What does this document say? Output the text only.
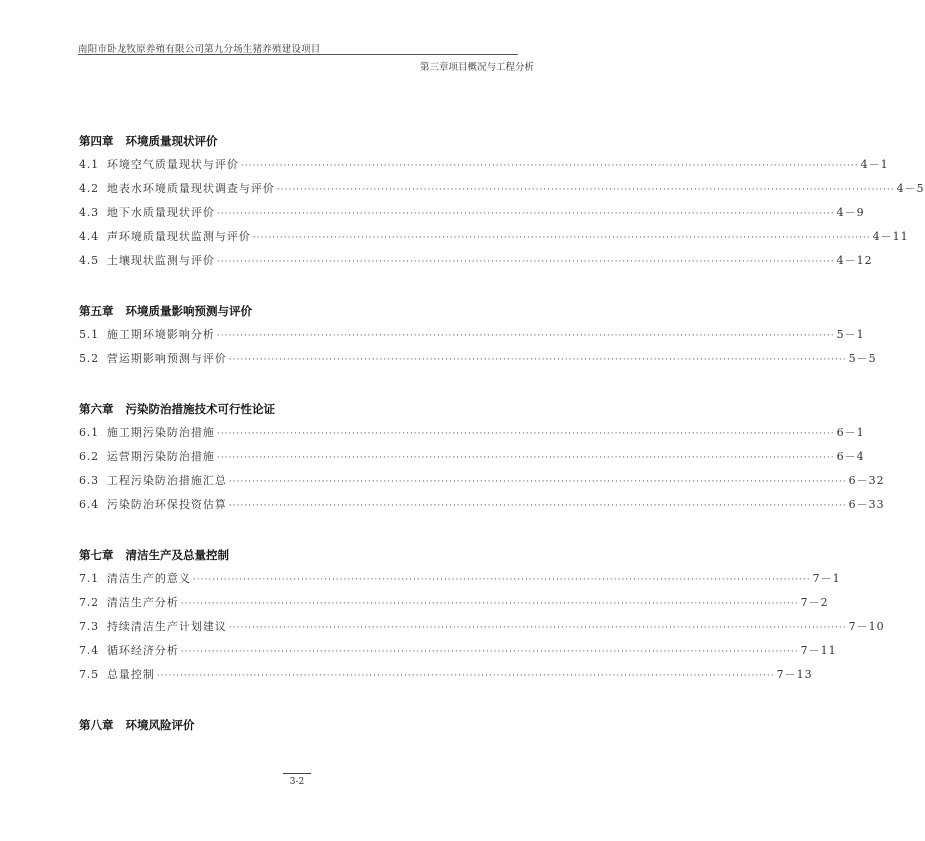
南阳市卧龙牧原养殖有限公司第九分场生猪养殖建设项目
第三章项目概况与工程分析
第四章 环境质量现状评价
4.1 环境空气质量现状与评价 ································································································································································ 4－1
4.2 地表水环境质量现状调查与评价 ································································································································································ 4－5
4.3 地下水质量现状评价 ································································································································································ 4－9
4.4 声环境质量现状监测与评价 ································································································································································ 4－11
4.5 土壤现状监测与评价 ································································································································································ 4－12
第五章 环境质量影响预测与评价
5.1 施工期环境影响分析 ································································································································································ 5－1
5.2 营运期影响预测与评价 ································································································································································ 5－5
第六章 污染防治措施技术可行性论证
6.1 施工期污染防治措施 ································································································································································ 6－1
6.2 运营期污染防治措施 ································································································································································ 6－4
6.3 工程污染防治措施汇总 ································································································································································ 6－32
6.4 污染防治环保投资估算 ································································································································································ 6－33
第七章 清洁生产及总量控制
7.1 清洁生产的意义 ································································································································································ 7－1
7.2 清洁生产分析 ································································································································································ 7－2
7.3 持续清洁生产计划建议 ································································································································································ 7－10
7.4 循环经济分析 ································································································································································ 7－11
7.5 总量控制 ································································································································································ 7－13
第八章 环境风险评价
3-2
